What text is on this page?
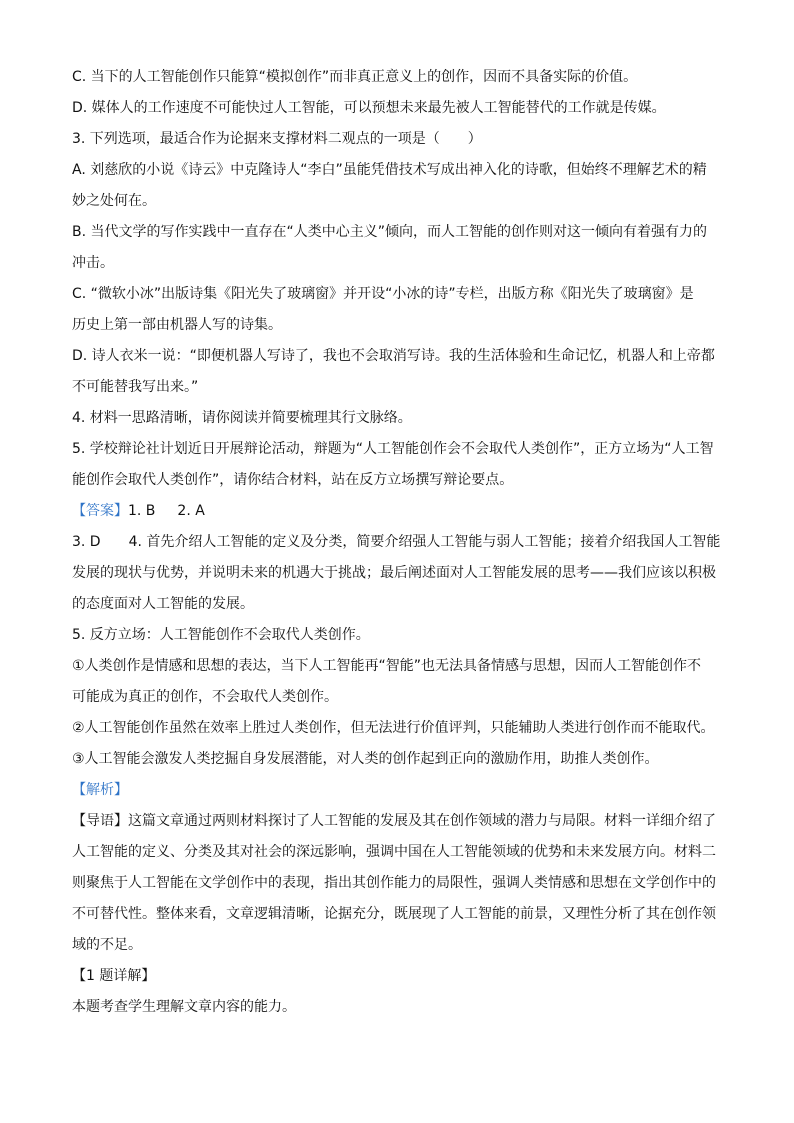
C. 当下的人工智能创作只能算“模拟创作”而非真正意义上的创作，因而不具备实际的价值。
D. 媒体人的工作速度不可能快过人工智能，可以预想未来最先被人工智能替代的工作就是传媒。
3. 下列选项，最适合作为论据来支撑材料二观点的一项是（　　）
A. 刘慈欣的小说《诗云》中克隆诗人“李白”虽能凭借技术写成出神入化的诗歌，但始终不理解艺术的精
妙之处何在。
B. 当代文学的写作实践中一直存在“人类中心主义”倾向，而人工智能的创作则对这一倾向有着强有力的
冲击。
C. “微软小冰”出版诗集《阳光失了玻璃窗》并开设“小冰的诗”专栏，出版方称《阳光失了玻璃窗》是
历史上第一部由机器人写的诗集。
D. 诗人衣米一说：“即便机器人写诗了，我也不会取消写诗。我的生活体验和生命记忆，机器人和上帝都
不可能替我写出来。”
4. 材料一思路清晰，请你阅读并简要梳理其行文脉络。
5. 学校辩论社计划近日开展辩论活动，辩题为“人工智能创作会不会取代人类创作”，正方立场为“人工智
能创作会取代人类创作”，请你结合材料，站在反方立场撰写辩论要点。
【答案】1. B 2. A
3. D　　4. 首先介绍人工智能的定义及分类，简要介绍强人工智能与弱人工智能；接着介绍我国人工智能
发展的现状与优势，并说明未来的机遇大于挑战；最后阐述面对人工智能发展的思考——我们应该以积极
的态度面对人工智能的发展。
5. 反方立场：人工智能创作不会取代人类创作。
①人类创作是情感和思想的表达，当下人工智能再“智能”也无法具备情感与思想，因而人工智能创作不
可能成为真正的创作，不会取代人类创作。
②人工智能创作虽然在效率上胜过人类创作，但无法进行价值评判，只能辅助人类进行创作而不能取代。
③人工智能会激发人类挖掘自身发展潜能，对人类的创作起到正向的激励作用，助推人类创作。
【解析】
【导语】这篇文章通过两则材料探讨了人工智能的发展及其在创作领域的潜力与局限。材料一详细介绍了
人工智能的定义、分类及其对社会的深远影响，强调中国在人工智能领域的优势和未来发展方向。材料二
则聚焦于人工智能在文学创作中的表现，指出其创作能力的局限性，强调人类情感和思想在文学创作中的
不可替代性。整体来看，文章逻辑清晰，论据充分，既展现了人工智能的前景，又理性分析了其在创作领
域的不足。
【1 题详解】
本题考查学生理解文章内容的能力。
